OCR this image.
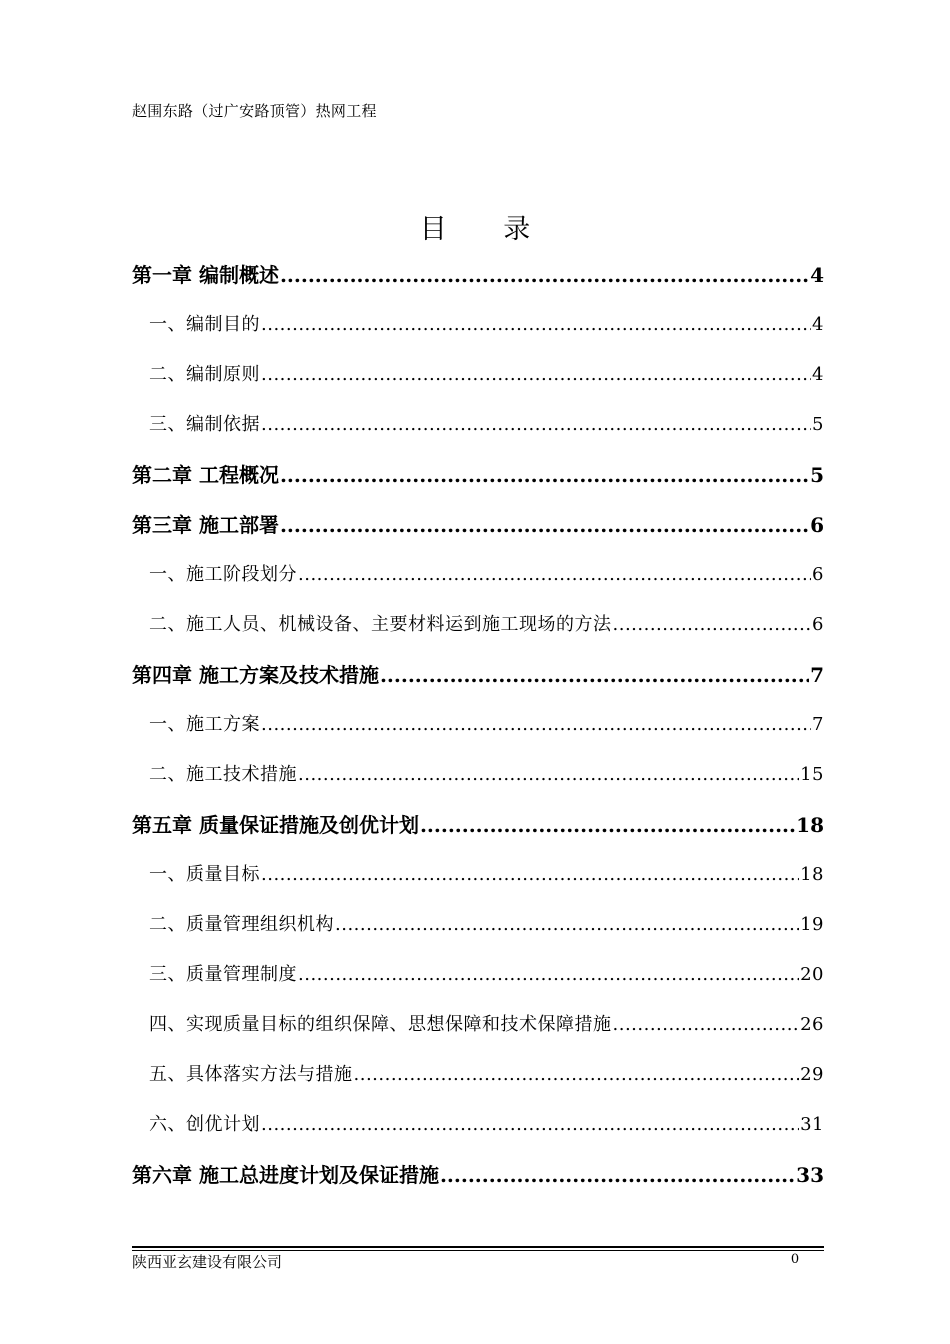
赵围东路（过广安路顶管）热网工程
目 录
第一章 编制概述 .....	4
一、编制目的 .....	4
二、编制原则 .....	4
三、编制依据 .....	5
第二章 工程概况 .....	5
第三章 施工部署 .....	6
一、施工阶段划分 .....	6
二、施工人员、机械设备、主要材料运到施工现场的方法 .....	6
第四章 施工方案及技术措施 .....	7
一、施工方案 .....	7
二、施工技术措施 .....	15
第五章 质量保证措施及创优计划 .....	18
一、质量目标 .....	18
二、质量管理组织机构 .....	19
三、质量管理制度 .....	20
四、实现质量目标的组织保障、思想保障和技术保障措施 .....	26
五、具体落实方法与措施 .....	29
六、创优计划 .....	31
第六章 施工总进度计划及保证措施 .....	33
陕西亚玄建设有限公司	0
